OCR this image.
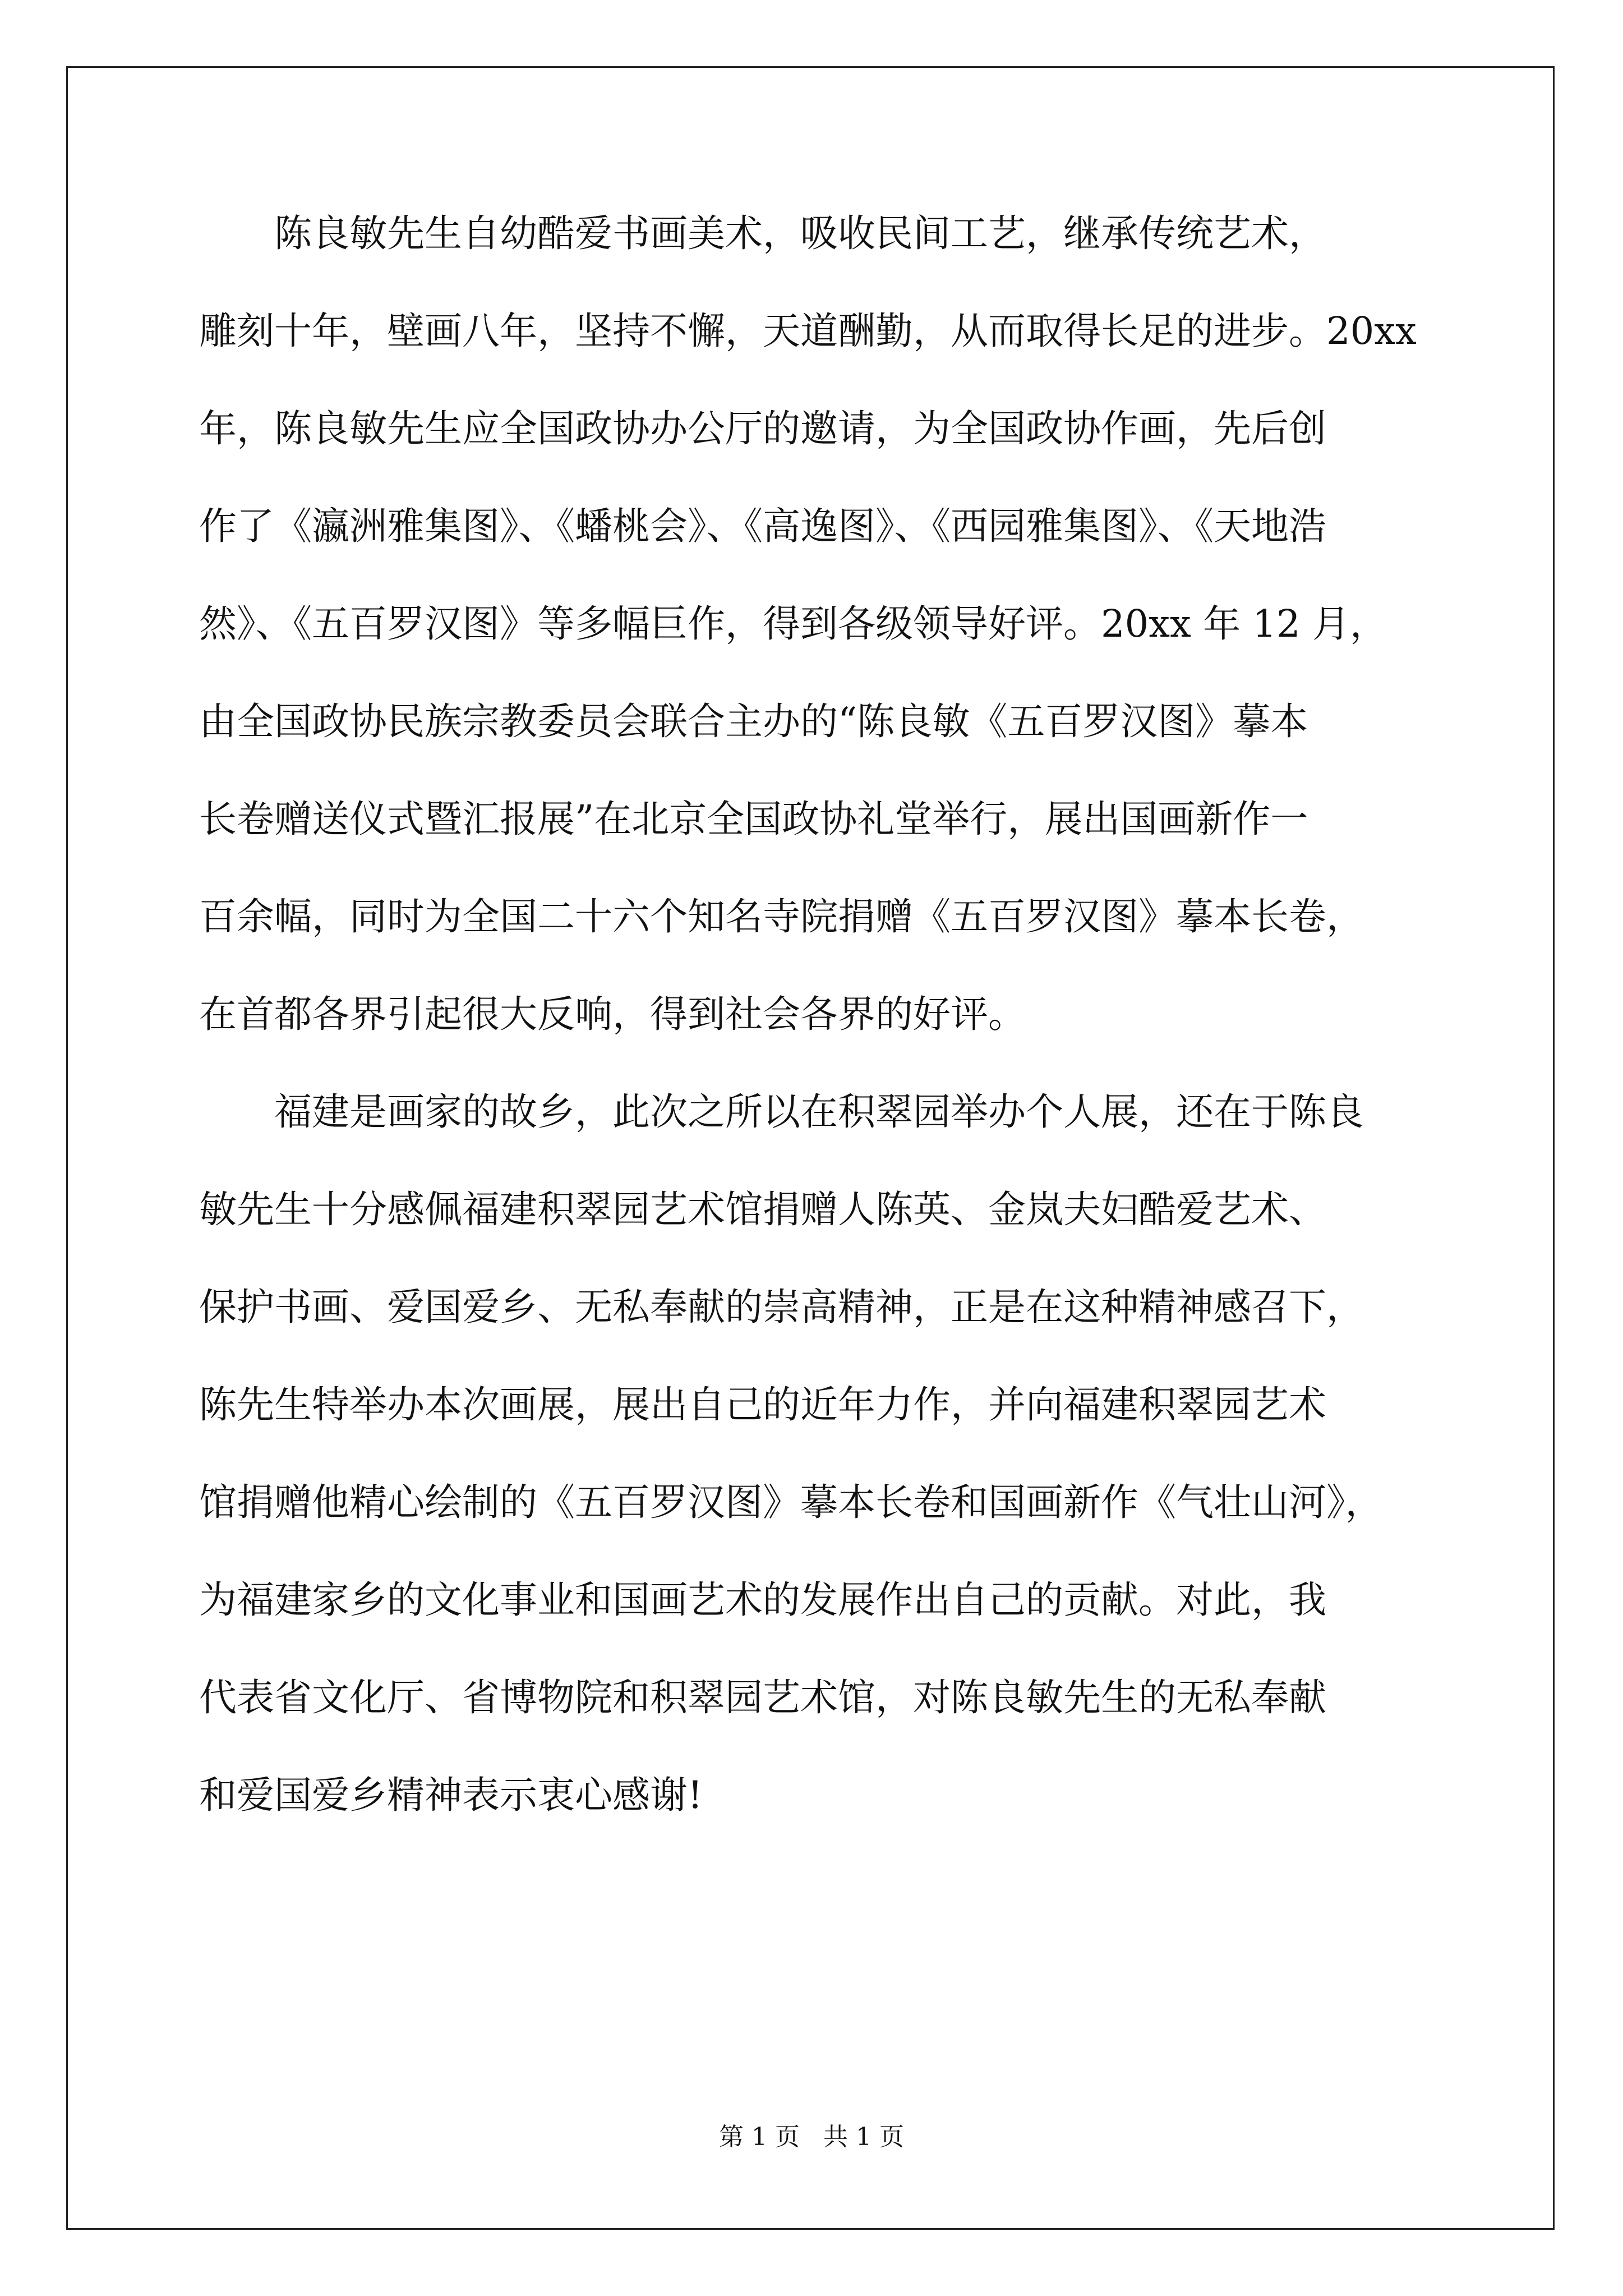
　　陈良敏先生自幼酷爱书画美术，吸收民间工艺，继承传统艺术，
雕刻十年，壁画八年，坚持不懈，天道酬勤，从而取得长足的进步。20xx
年，陈良敏先生应全国政协办公厅的邀请，为全国政协作画，先后创
作了《瀛洲雅集图》、《蟠桃会》、《高逸图》、《西园雅集图》、《天地浩
然》、《五百罗汉图》等多幅巨作，得到各级领导好评。20xx 年 12 月，
由全国政协民族宗教委员会联合主办的“陈良敏《五百罗汉图》摹本
长卷赠送仪式暨汇报展”在北京全国政协礼堂举行，展出国画新作一
百余幅，同时为全国二十六个知名寺院捐赠《五百罗汉图》摹本长卷，
在首都各界引起很大反响，得到社会各界的好评。
　　福建是画家的故乡，此次之所以在积翠园举办个人展，还在于陈良
敏先生十分感佩福建积翠园艺术馆捐赠人陈英、金岚夫妇酷爱艺术、
保护书画、爱国爱乡、无私奉献的崇高精神，正是在这种精神感召下，
陈先生特举办本次画展，展出自己的近年力作，并向福建积翠园艺术
馆捐赠他精心绘制的《五百罗汉图》摹本长卷和国画新作《气壮山河》，
为福建家乡的文化事业和国画艺术的发展作出自己的贡献。对此，我
代表省文化厅、省博物院和积翠园艺术馆，对陈良敏先生的无私奉献
和爱国爱乡精神表示衷心感谢!
第 1 页   共 1 页
